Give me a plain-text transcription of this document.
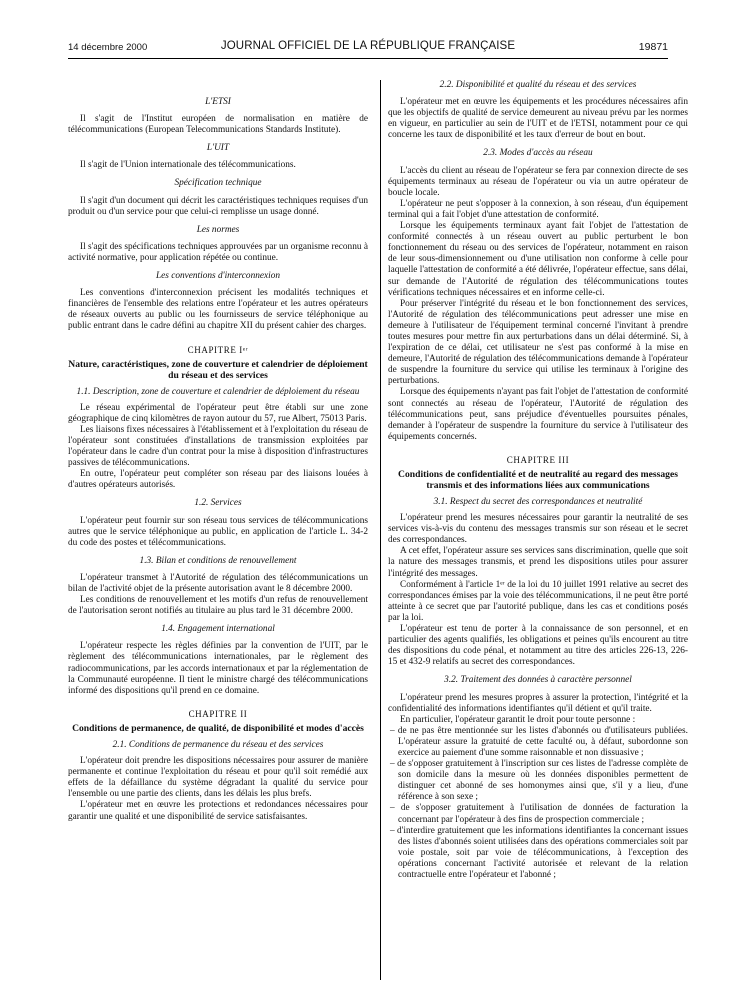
14 décembre 2000	JOURNAL OFFICIEL DE LA RÉPUBLIQUE FRANÇAISE	19871

L'ETSI

Il s'agit de l'Institut européen de normalisation en matière de télécommunications (European Telecommunications Standards Institute).

L'UIT

Il s'agit de l'Union internationale des télécommunications.

Spécification technique

Il s'agit d'un document qui décrit les caractéristiques techniques requises d'un produit ou d'un service pour que celui-ci remplisse un usage donné.

Les normes

Il s'agit des spécifications techniques approuvées par un organisme reconnu à activité normative, pour application répétée ou continue.

Les conventions d'interconnexion

Les conventions d'interconnexion précisent les modalités techniques et financières de l'ensemble des relations entre l'opérateur et les autres opérateurs de réseaux ouverts au public ou les fournisseurs de service téléphonique au public entrant dans le cadre défini au chapitre XII du présent cahier des charges.

CHAPITRE Iᵉʳ
Nature, caractéristiques, zone de couverture et calendrier de déploiement du réseau et des services

1.1. Description, zone de couverture et calendrier de déploiement du réseau

Le réseau expérimental de l'opérateur peut être établi sur une zone géographique de cinq kilomètres de rayon autour du 57, rue Albert, 75013 Paris.

Les liaisons fixes nécessaires à l'établissement et à l'exploitation du réseau de l'opérateur sont constituées d'installations de transmission exploitées par l'opérateur dans le cadre d'un contrat pour la mise à disposition d'infrastructures passives de télécommunications.

En outre, l'opérateur peut compléter son réseau par des liaisons louées à d'autres opérateurs autorisés.

1.2. Services

L'opérateur peut fournir sur son réseau tous services de télécommunications autres que le service téléphonique au public, en application de l'article L. 34-2 du code des postes et télécommunications.

1.3. Bilan et conditions de renouvellement

L'opérateur transmet à l'Autorité de régulation des télécommunications un bilan de l'activité objet de la présente autorisation avant le 8 décembre 2000.

Les conditions de renouvellement et les motifs d'un refus de renouvellement de l'autorisation seront notifiés au titulaire au plus tard le 31 décembre 2000.

1.4. Engagement international

L'opérateur respecte les règles définies par la convention de l'UIT, par le règlement des télécommunications internationales, par le règlement des radiocommunications, par les accords internationaux et par la réglementation de la Communauté européenne. Il tient le ministre chargé des télécommunications informé des dispositions qu'il prend en ce domaine.

CHAPITRE II
Conditions de permanence, de qualité, de disponibilité et modes d'accès

2.1. Conditions de permanence du réseau et des services

L'opérateur doit prendre les dispositions nécessaires pour assurer de manière permanente et continue l'exploitation du réseau et pour qu'il soit remédié aux effets de la défaillance du système dégradant la qualité du service pour l'ensemble ou une partie des clients, dans les délais les plus brefs.

L'opérateur met en œuvre les protections et redondances nécessaires pour garantir une qualité et une disponibilité de service satisfaisantes.

2.2. Disponibilité et qualité du réseau et des services

L'opérateur met en œuvre les équipements et les procédures nécessaires afin que les objectifs de qualité de service demeurent au niveau prévu par les normes en vigueur, en particulier au sein de l'UIT et de l'ETSI, notamment pour ce qui concerne les taux de disponibilité et les taux d'erreur de bout en bout.

2.3. Modes d'accès au réseau

L'accès du client au réseau de l'opérateur se fera par connexion directe de ses équipements terminaux au réseau de l'opérateur ou via un autre opérateur de boucle locale.

L'opérateur ne peut s'opposer à la connexion, à son réseau, d'un équipement terminal qui a fait l'objet d'une attestation de conformité.

Lorsque les équipements terminaux ayant fait l'objet de l'attestation de conformité connectés à un réseau ouvert au public perturbent le bon fonctionnement du réseau ou des services de l'opérateur, notamment en raison de leur sous-dimensionnement ou d'une utilisation non conforme à celle pour laquelle l'attestation de conformité a été délivrée, l'opérateur effectue, sans délai, sur demande de l'Autorité de régulation des télécommunications toutes vérifications techniques nécessaires et en informe celle-ci.

Pour préserver l'intégrité du réseau et le bon fonctionnement des services, l'Autorité de régulation des télécommunications peut adresser une mise en demeure à l'utilisateur de l'équipement terminal concerné l'invitant à prendre toutes mesures pour mettre fin aux perturbations dans un délai déterminé. Si, à l'expiration de ce délai, cet utilisateur ne s'est pas conformé à la mise en demeure, l'Autorité de régulation des télécommunications demande à l'opérateur de suspendre la fourniture du service qui utilise les terminaux à l'origine des perturbations.

Lorsque des équipements n'ayant pas fait l'objet de l'attestation de conformité sont connectés au réseau de l'opérateur, l'Autorité de régulation des télécommunications peut, sans préjudice d'éventuelles poursuites pénales, demander à l'opérateur de suspendre la fourniture du service à l'utilisateur des équipements concernés.

CHAPITRE III
Conditions de confidentialité et de neutralité au regard des messages transmis et des informations liées aux communications

3.1. Respect du secret des correspondances et neutralité

L'opérateur prend les mesures nécessaires pour garantir la neutralité de ses services vis-à-vis du contenu des messages transmis sur son réseau et le secret des correspondances.

A cet effet, l'opérateur assure ses services sans discrimination, quelle que soit la nature des messages transmis, et prend les dispositions utiles pour assurer l'intégrité des messages.

Conformément à l'article 1ᵉʳ de la loi du 10 juillet 1991 relative au secret des correspondances émises par la voie des télécommunications, il ne peut être porté atteinte à ce secret que par l'autorité publique, dans les cas et conditions posés par la loi.

L'opérateur est tenu de porter à la connaissance de son personnel, et en particulier des agents qualifiés, les obligations et peines qu'ils encourent au titre des dispositions du code pénal, et notamment au titre des articles 226-13, 226-15 et 432-9 relatifs au secret des correspondances.

3.2. Traitement des données à caractère personnel

L'opérateur prend les mesures propres à assurer la protection, l'intégrité et la confidentialité des informations identifiantes qu'il détient et qu'il traite.

En particulier, l'opérateur garantit le droit pour toute personne :

– de ne pas être mentionnée sur les listes d'abonnés ou d'utilisateurs publiées. L'opérateur assure la gratuité de cette faculté ou, à défaut, subordonne son exercice au paiement d'une somme raisonnable et non dissuasive ;
– de s'opposer gratuitement à l'inscription sur ces listes de l'adresse complète de son domicile dans la mesure où les données disponibles permettent de distinguer cet abonné de ses homonymes ainsi que, s'il y a lieu, d'une référence à son sexe ;
– de s'opposer gratuitement à l'utilisation de données de facturation la concernant par l'opérateur à des fins de prospection commerciale ;
– d'interdire gratuitement que les informations identifiantes la concernant issues des listes d'abonnés soient utilisées dans des opérations commerciales soit par voie postale, soit par voie de télécommunications, à l'exception des opérations concernant l'activité autorisée et relevant de la relation contractuelle entre l'opérateur et l'abonné ;
